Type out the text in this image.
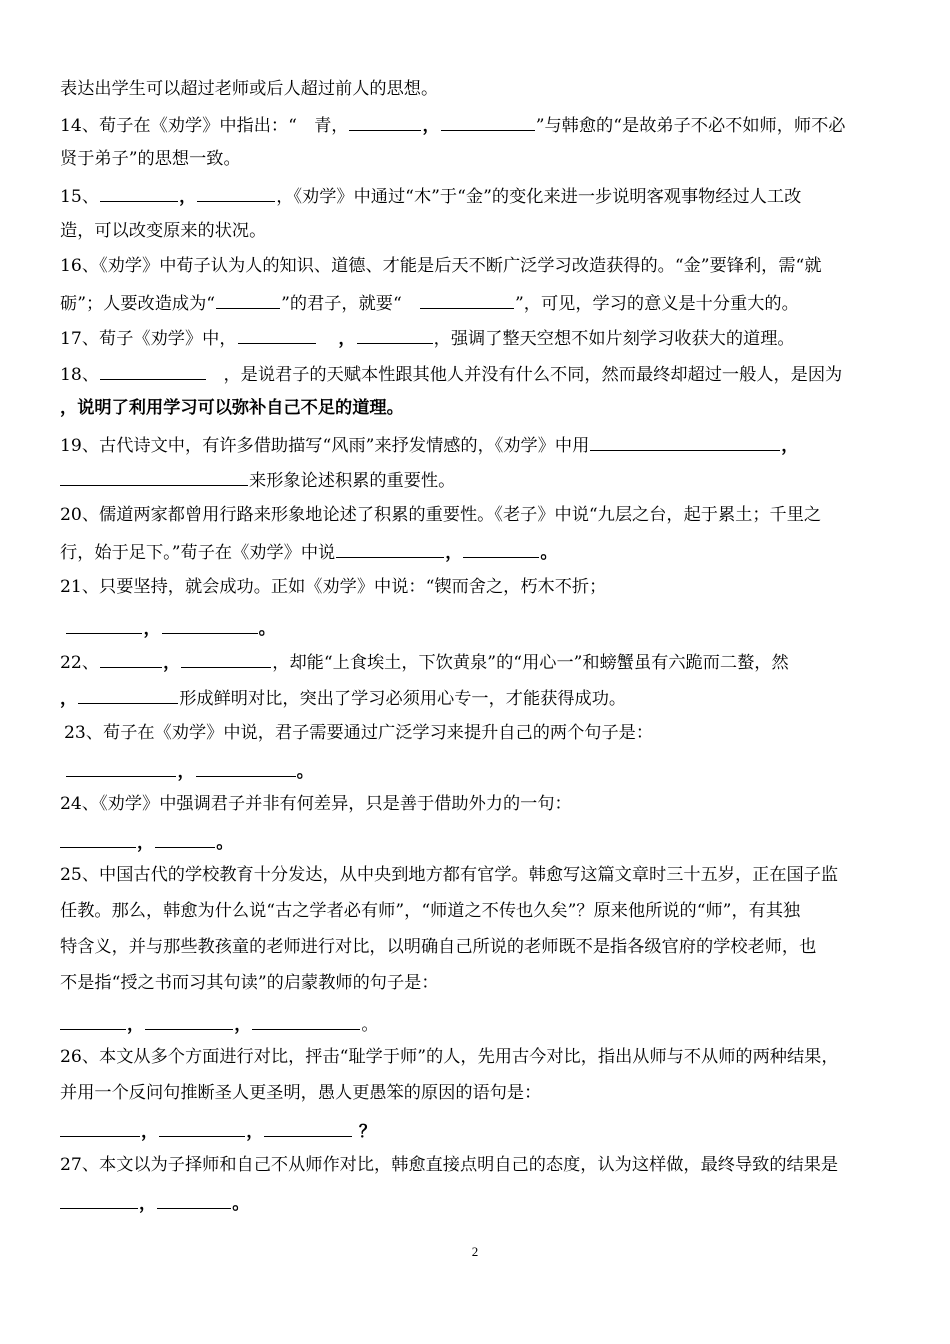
表达出学生可以超过老师或后人超过前人的思想。
14、荀子在《劝学》中指出：“　青，	，	”与韩愈的“是故弟子不必不如师，师不必
贤于弟子”的思想一致。
15、	，	，《劝学》中通过“木”于“金”的变化来进一步说明客观事物经过人工改
造，可以改变原来的状况。
16、《劝学》中荀子认为人的知识、道德、才能是后天不断广泛学习改造获得的。“金”要锋利，需“就
砺”；人要改造成为“	”的君子，就要“　	”，可见，学习的意义是十分重大的。
17、荀子《劝学》中，	，	，强调了整天空想不如片刻学习收获大的道理。
18、	，是说君子的天赋本性跟其他人并没有什么不同，然而最终却超过一般人，是因为
，说明了利用学习可以弥补自己不足的道理。
19、古代诗文中，有许多借助描写“风雨”来抒发情感的，《劝学》中用	，
来形象论述积累的重要性。
20、儒道两家都曾用行路来形象地论述了积累的重要性。《老子》中说“九层之台，起于累土；千里之
行，始于足下。”荀子在《劝学》中说	，	。
21、只要坚持，就会成功。正如《劝学》中说：“锲而舍之，朽木不折；
，	。
22、	，	，却能“上食埃土，下饮黄泉”的“用心一”和螃蟹虽有六跪而二螯，然
，	形成鲜明对比，突出了学习必须用心专一，才能获得成功。
23、荀子在《劝学》中说，君子需要通过广泛学习来提升自己的两个句子是：
，	。
24、《劝学》中强调君子并非有何差异，只是善于借助外力的一句：
，	。
25、中国古代的学校教育十分发达，从中央到地方都有官学。韩愈写这篇文章时三十五岁，正在国子监
任教。那么，韩愈为什么说“古之学者必有师”，“师道之不传也久矣”？原来他所说的“师”，有其独
特含义，并与那些教孩童的老师进行对比，以明确自己所说的老师既不是指各级官府的学校老师，也
不是指“授之书而习其句读”的启蒙教师的句子是：
，	，	。
26、本文从多个方面进行对比，抨击“耻学于师”的人，先用古今对比，指出从师与不从师的两种结果，
并用一个反问句推断圣人更圣明，愚人更愚笨的原因的语句是：
，	，	？
27、本文以为子择师和自己不从师作对比，韩愈直接点明自己的态度，认为这样做，最终导致的结果是
，	。
2
